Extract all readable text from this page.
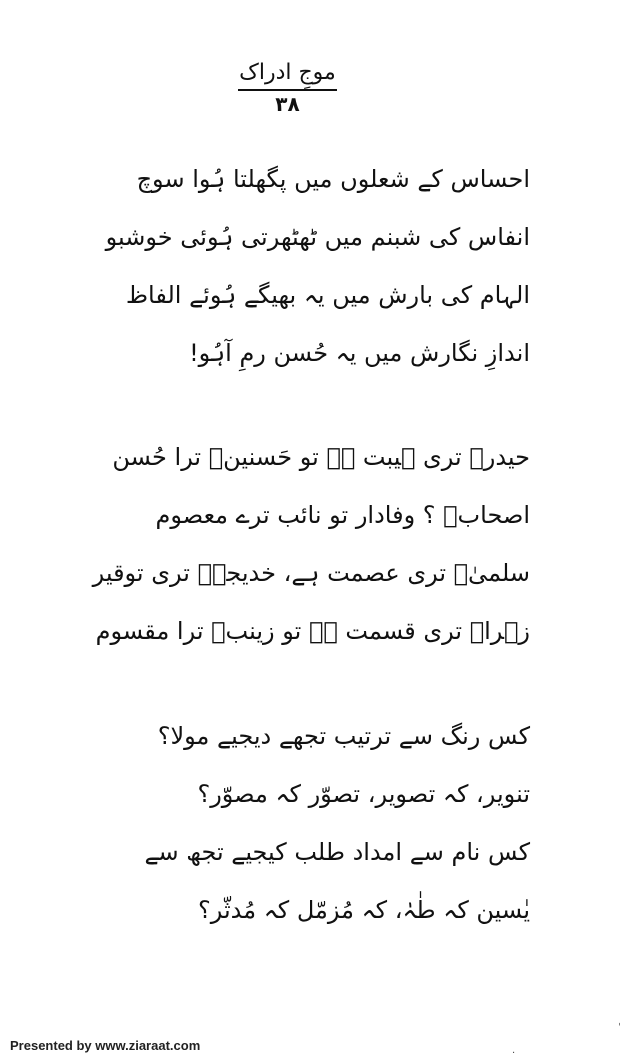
موجِ ادراک
۳۸
احساس کے شعلوں میں پگھلتا ہُوا سوچ
انفاس کی شبنم میں ٹھٹھرتی ہُوئی خوشبو
الہام کی بارش میں یہ بھیگے ہُوئے الفاظ
اندازِ نگارش میں یہ حُسن رمِ آہُو!
حیدرؑ تری ہیبت ہے تو حَسنینؑ ترا حُسن
اصحابؓ ؟ وفادار تو نائب ترے معصوم
سلمیٰؑ تری عصمت ہے، خدیجہؑ تری توقیر
زہراؑ تری قسمت ہے تو زینبؑ ترا مقسوم
کس رنگ سے ترتیب تجھے دیجیے مولا؟
تنویر، کہ تصویر، تصوّر کہ مصوّر؟
کس نام سے امداد طلب کیجیے تجھ سے
یٰسین کہ طٰہٰ، کہ مُزمّل کہ مُدثّر؟
ˌ
·
Presented by www.ziaraat.com
